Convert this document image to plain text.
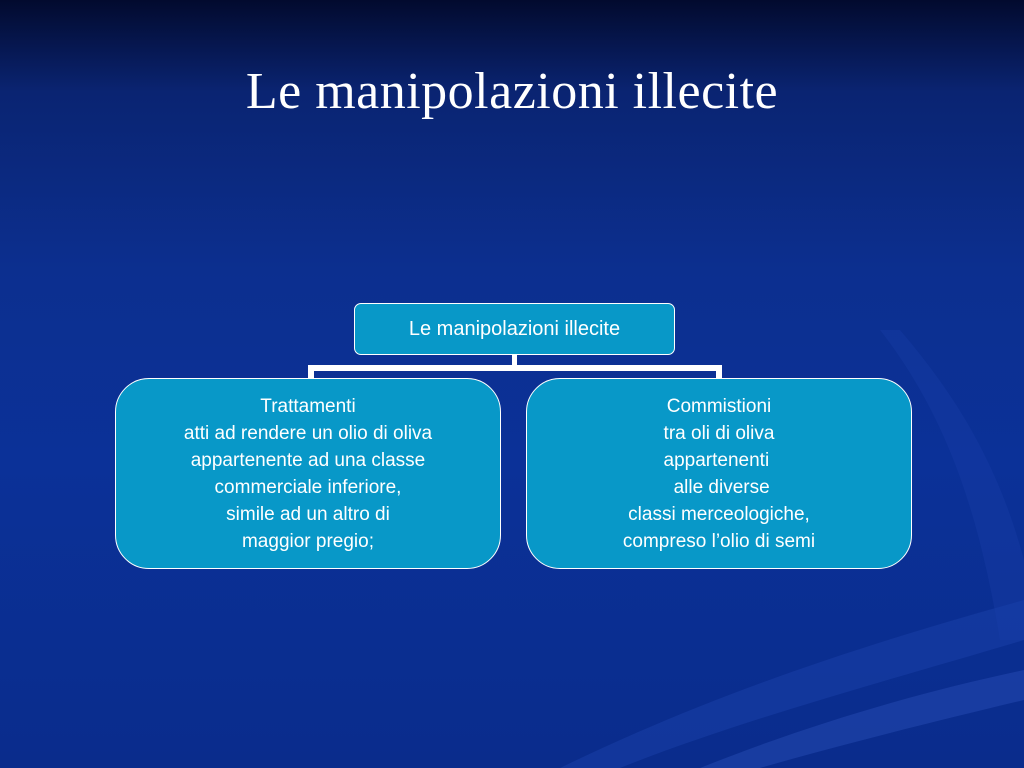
Le manipolazioni illecite
Le manipolazioni illecite
Trattamenti
atti ad rendere un olio di oliva
appartenente ad una classe
commerciale inferiore,
simile ad un altro di
maggior pregio;
Commistioni
tra oli di oliva
appartenenti
alle diverse
classi merceologiche,
compreso l’olio di semi
